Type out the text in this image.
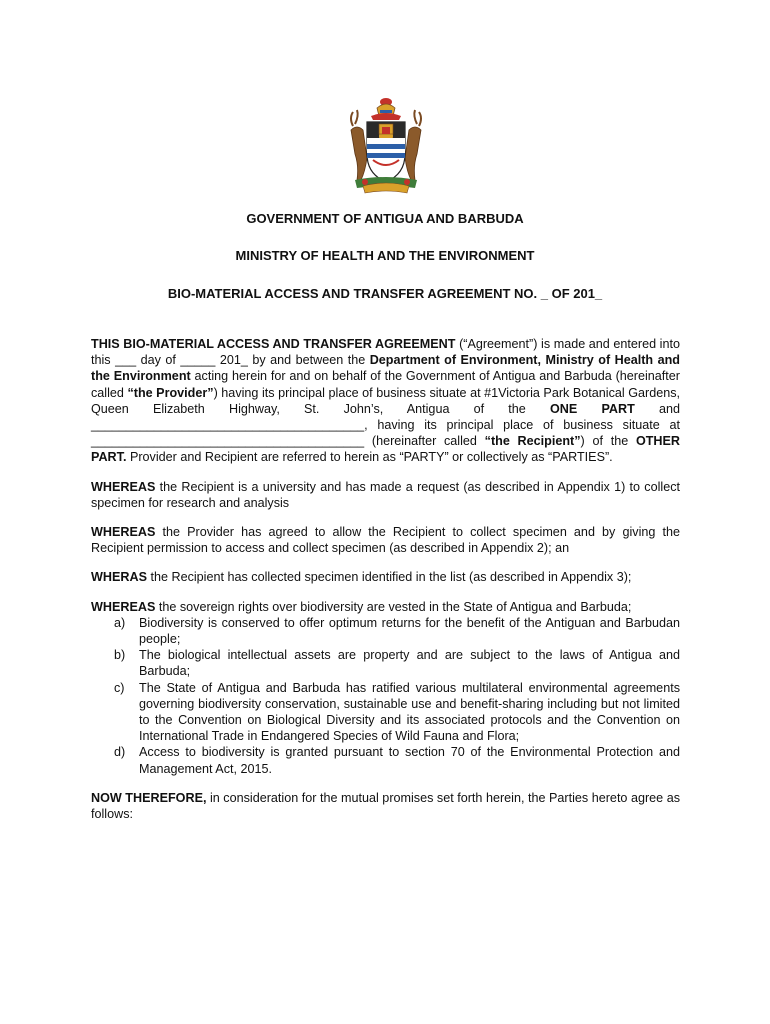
GOVERNMENT OF ANTIGUA AND BARBUDA
MINISTRY OF HEALTH AND THE ENVIRONMENT
BIO-MATERIAL ACCESS AND TRANSFER AGREEMENT NO. _ OF 201_

THIS BIO-MATERIAL ACCESS AND TRANSFER AGREEMENT (“Agreement”) is made and entered into this ___ day of _____ 201_ by and between the Department of Environment, Ministry of Health and the Environment acting herein for and on behalf of the Government of Antigua and Barbuda (hereinafter called “the Provider”) having its principal place of business situate at #1Victoria Park Botanical Gardens, Queen Elizabeth Highway, St. John’s, Antigua of the ONE PART and _______________________________________, having its principal place of business situate at _______________________________________ (hereinafter called “the Recipient”) of the OTHER PART. Provider and Recipient are referred to herein as “PARTY” or collectively as “PARTIES”.

WHEREAS the Recipient is a university and has made a request (as described in Appendix 1) to collect specimen for research and analysis

WHEREAS the Provider has agreed to allow the Recipient to collect specimen and by giving the Recipient permission to access and collect specimen (as described in Appendix 2); an

WHERAS the Recipient has collected specimen identified in the list (as described in Appendix 3);

WHEREAS the sovereign rights over biodiversity are vested in the State of Antigua and Barbuda;

a) Biodiversity is conserved to offer optimum returns for the benefit of the Antiguan and Barbudan people;
b) The biological intellectual assets are property and are subject to the laws of Antigua and Barbuda;
c) The State of Antigua and Barbuda has ratified various multilateral environmental agreements governing biodiversity conservation, sustainable use and benefit-sharing including but not limited to the Convention on Biological Diversity and its associated protocols and the Convention on International Trade in Endangered Species of Wild Fauna and Flora;
d) Access to biodiversity is granted pursuant to section 70 of the Environmental Protection and Management Act, 2015.

NOW THEREFORE, in consideration for the mutual promises set forth herein, the Parties hereto agree as follows:
